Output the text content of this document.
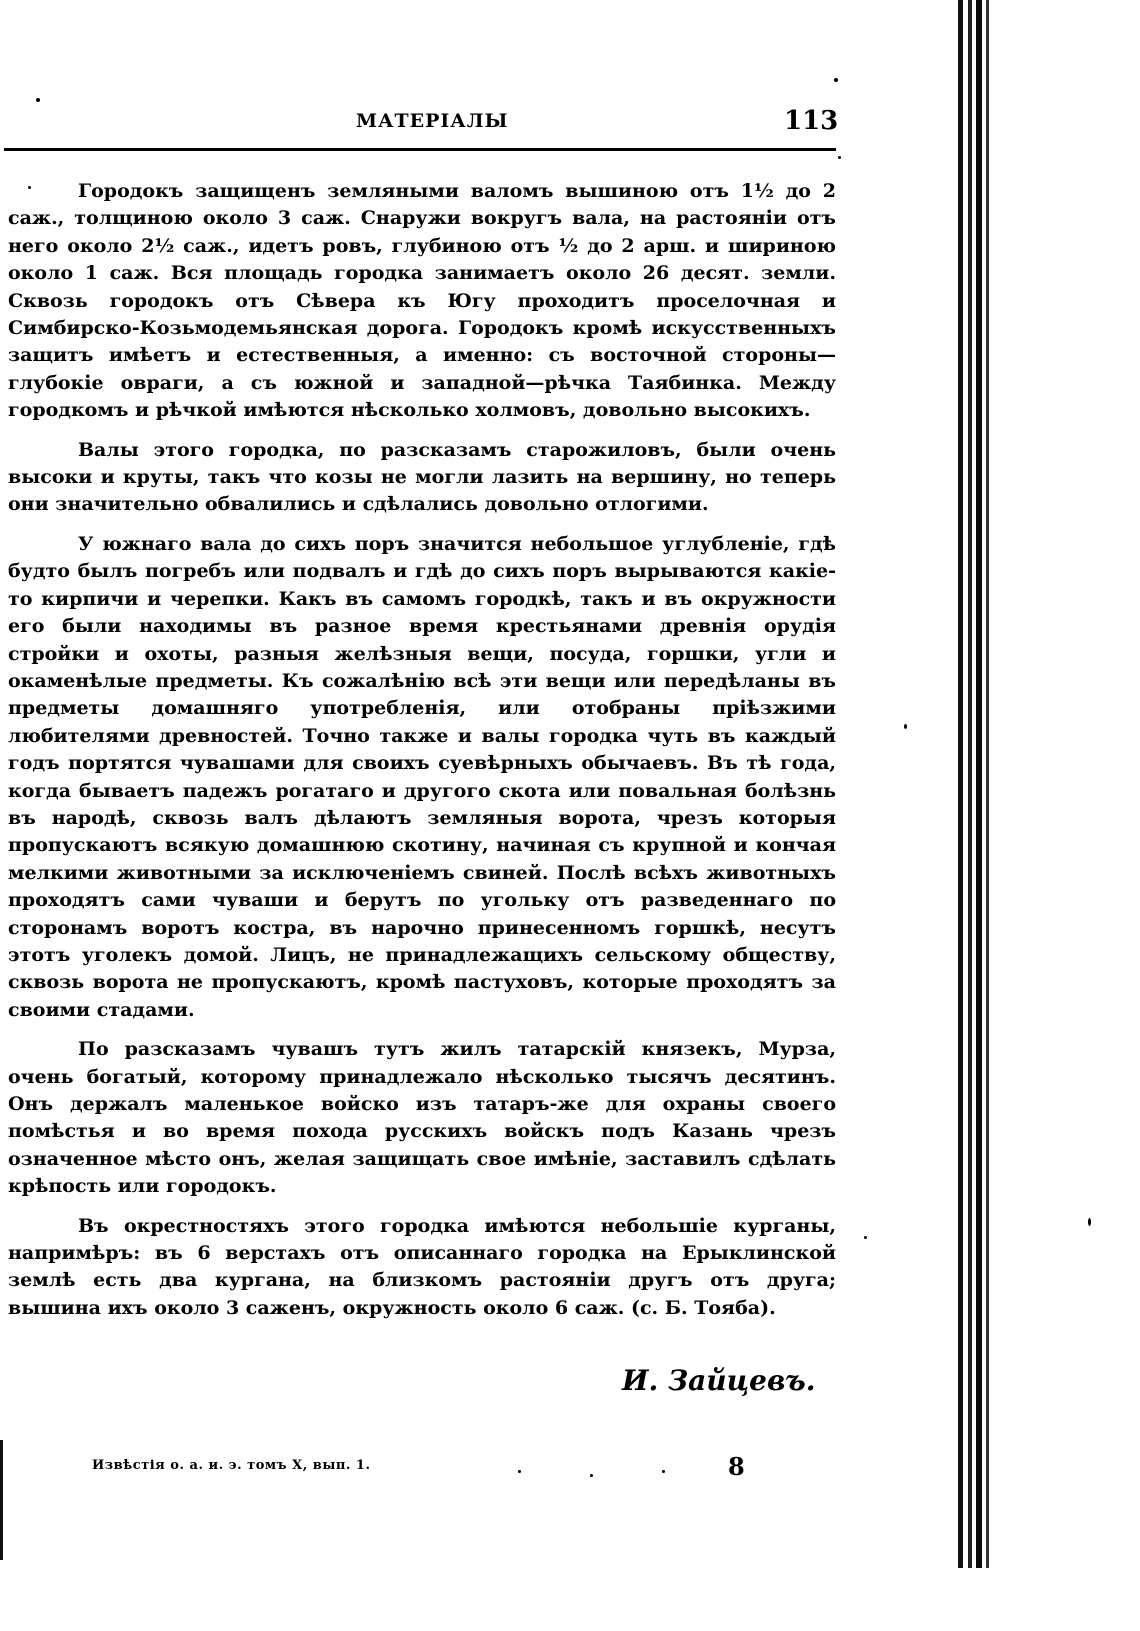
МАТЕРІАЛЫ	113

Городокъ защищенъ земляными валомъ вышиною отъ 1½ до 2 саж., толщиною около 3 саж. Снаружи вокругъ вала, на растояніи отъ него около 2½ саж., идетъ ровъ, глубиною отъ ½ до 2 арш. и шириною около 1 саж. Вся площадь городка занимаетъ около 26 десят. земли. Сквозь городокъ отъ Сѣвера къ Югу проходитъ проселочная и Симбирско-Козьмодемьянская дорога. Городокъ кромѣ искусственныхъ защитъ имѣетъ и естественныя, а именно: съ восточной стороны—глубокіе овраги, а съ южной и западной—рѣчка Таябинка. Между городкомъ и рѣчкой имѣются нѣсколько холмовъ, довольно высокихъ.

Валы этого городка, по разсказамъ старожиловъ, были очень высоки и круты, такъ что козы не могли лазить на вершину, но теперь они значительно обвалились и сдѣлались довольно отлогими.

У южнаго вала до сихъ поръ значится небольшое углубленіе, гдѣ будто былъ погребъ или подвалъ и гдѣ до сихъ поръ вырываются какіе-то кирпичи и черепки. Какъ въ самомъ городкѣ, такъ и въ окружности его были находимы въ разное время крестьянами древнія орудія стройки и охоты, разныя желѣзныя вещи, посуда, горшки, угли и окаменѣлые предметы. Къ сожалѣнію всѣ эти вещи или передѣланы въ предметы домашняго употребленія, или отобраны пріѣзжими любителями древностей. Точно также и валы городка чуть въ каждый годъ портятся чувашами для своихъ суевѣрныхъ обычаевъ. Въ тѣ года, когда бываетъ падежъ рогатаго и другого скота или повальная болѣзнь въ народѣ, сквозь валъ дѣлаютъ земляныя ворота, чрезъ которыя пропускаютъ всякую домашнюю скотину, начиная съ крупной и кончая мелкими животными за исключеніемъ свиней. Послѣ всѣхъ животныхъ проходятъ сами чуваши и берутъ по угольку отъ разведеннаго по сторонамъ воротъ костра, въ нарочно принесенномъ горшкѣ, несутъ этотъ уголекъ домой. Лицъ, не принадлежащихъ сельскому обществу, сквозь ворота не пропускаютъ, кромѣ пастуховъ, которые проходятъ за своими стадами.

По разсказамъ чувашъ тутъ жилъ татарскій князекъ, Мурза, очень богатый, которому принадлежало нѣсколько тысячъ десятинъ. Онъ держалъ маленькое войско изъ татаръ-же для охраны своего помѣстья и во время похода русскихъ войскъ подъ Казань чрезъ означенное мѣсто онъ, желая защищать свое имѣніе, заставилъ сдѣлать крѣпость или городокъ.

Въ окрестностяхъ этого городка имѣются небольшіе курганы, напримѣръ: въ 6 верстахъ отъ описаннаго городка на Ерыклинской землѣ есть два кургана, на близкомъ растояніи другъ отъ друга; вышина ихъ около 3 саженъ, окружность около 6 саж. (с. Б. Тояба).

И. Зайцевъ.
Извѣстія о. а. и. э. томъ X, вып. 1.	8
